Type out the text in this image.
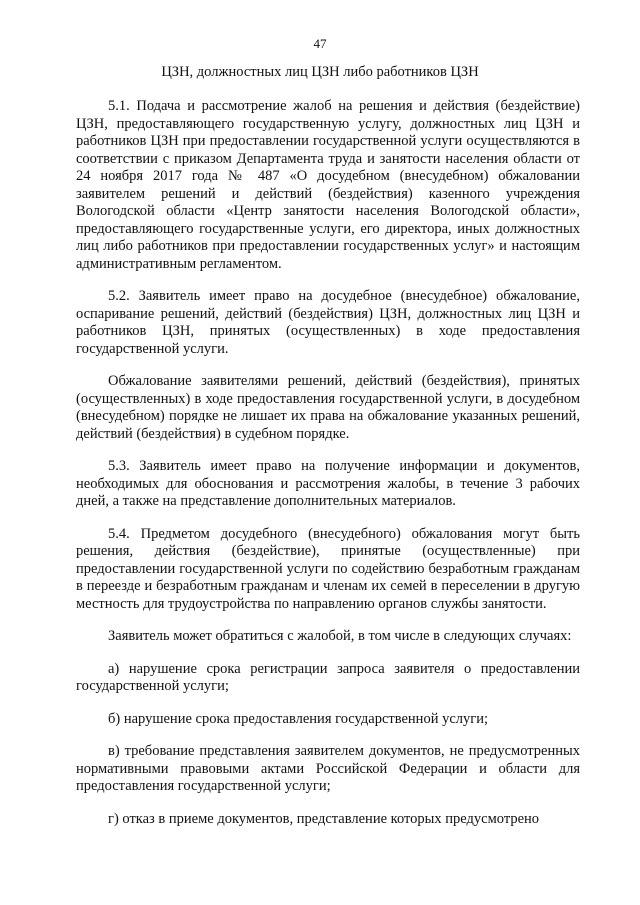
47
ЦЗН, должностных лиц ЦЗН либо работников ЦЗН

5.1. Подача и рассмотрение жалоб на решения и действия (бездействие) ЦЗН, предоставляющего государственную услугу, должностных лиц ЦЗН и работников ЦЗН при предоставлении государственной услуги осуществляются в соответствии с приказом Департамента труда и занятости населения области от 24 ноября 2017 года № 487 «О досудебном (внесудебном) обжаловании заявителем решений и действий (бездействия) казенного учреждения Вологодской области «Центр занятости населения Вологодской области», предоставляющего государственные услуги, его директора, иных должностных лиц либо работников при предоставлении государственных услуг» и настоящим административным регламентом.

5.2. Заявитель имеет право на досудебное (внесудебное) обжалование, оспаривание решений, действий (бездействия) ЦЗН, должностных лиц ЦЗН и работников ЦЗН, принятых (осуществленных) в ходе предоставления государственной услуги.

Обжалование заявителями решений, действий (бездействия), принятых (осуществленных) в ходе предоставления государственной услуги, в досудебном (внесудебном) порядке не лишает их права на обжалование указанных решений, действий (бездействия) в судебном порядке.

5.3. Заявитель имеет право на получение информации и документов, необходимых для обоснования и рассмотрения жалобы, в течение 3 рабочих дней, а также на представление дополнительных материалов.

5.4. Предметом досудебного (внесудебного) обжалования могут быть решения, действия (бездействие), принятые (осуществленные) при предоставлении государственной услуги по содействию безработным гражданам в переезде и безработным гражданам и членам их семей в переселении в другую местность для трудоустройства по направлению органов службы занятости.

Заявитель может обратиться с жалобой, в том числе в следующих случаях:

а) нарушение срока регистрации запроса заявителя о предоставлении государственной услуги;

б) нарушение срока предоставления государственной услуги;

в) требование представления заявителем документов, не предусмотренных нормативными правовыми актами Российской Федерации и области для предоставления государственной услуги;

г) отказ в приеме документов, представление которых предусмотрено
